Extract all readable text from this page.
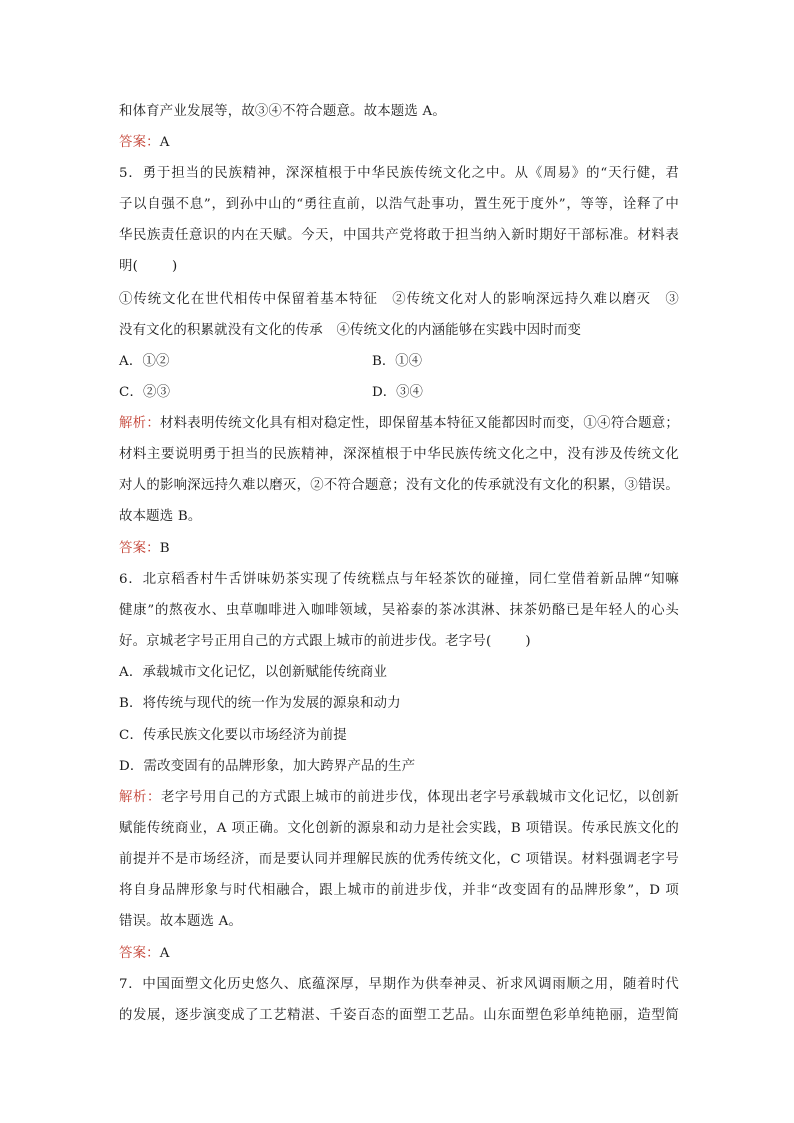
和体育产业发展等，故③④不符合题意。故本题选 A。
答案：A
5．勇于担当的民族精神，深深植根于中华民族传统文化之中。从《周易》的“天行健，君
子以自强不息”，到孙中山的“勇往直前，以浩气赴事功，置生死于度外”，等等，诠释了中
华民族责任意识的内在天赋。今天，中国共产党将敢于担当纳入新时期好干部标准。材料表
明(	)
①传统文化在世代相传中保留着基本特征　②传统文化对人的影响深远持久难以磨灭　③
没有文化的积累就没有文化的传承　④传统文化的内涵能够在实践中因时而变
A．①②	B．①④
C．②③	D．③④
解析：材料表明传统文化具有相对稳定性，即保留基本特征又能都因时而变，①④符合题意；
材料主要说明勇于担当的民族精神，深深植根于中华民族传统文化之中，没有涉及传统文化
对人的影响深远持久难以磨灭，②不符合题意；没有文化的传承就没有文化的积累，③错误。
故本题选 B。
答案：B
6．北京稻香村牛舌饼味奶茶实现了传统糕点与年轻茶饮的碰撞，同仁堂借着新品牌“知嘛
健康”的熬夜水、虫草咖啡进入咖啡领域，吴裕泰的茶冰淇淋、抹茶奶酪已是年轻人的心头
好。京城老字号正用自己的方式跟上城市的前进步伐。老字号(	)
A．承载城市文化记忆，以创新赋能传统商业
B．将传统与现代的统一作为发展的源泉和动力
C．传承民族文化要以市场经济为前提
D．需改变固有的品牌形象，加大跨界产品的生产
解析：老字号用自己的方式跟上城市的前进步伐，体现出老字号承载城市文化记忆，以创新
赋能传统商业，A 项正确。文化创新的源泉和动力是社会实践，B 项错误。传承民族文化的
前提并不是市场经济，而是要认同并理解民族的优秀传统文化，C 项错误。材料强调老字号
将自身品牌形象与时代相融合，跟上城市的前进步伐，并非“改变固有的品牌形象”，D 项
错误。故本题选 A。
答案：A
7．中国面塑文化历史悠久、底蕴深厚，早期作为供奉神灵、祈求风调雨顺之用，随着时代
的发展，逐步演变成了工艺精湛、千姿百态的面塑工艺品。山东面塑色彩单纯艳丽，造型简
